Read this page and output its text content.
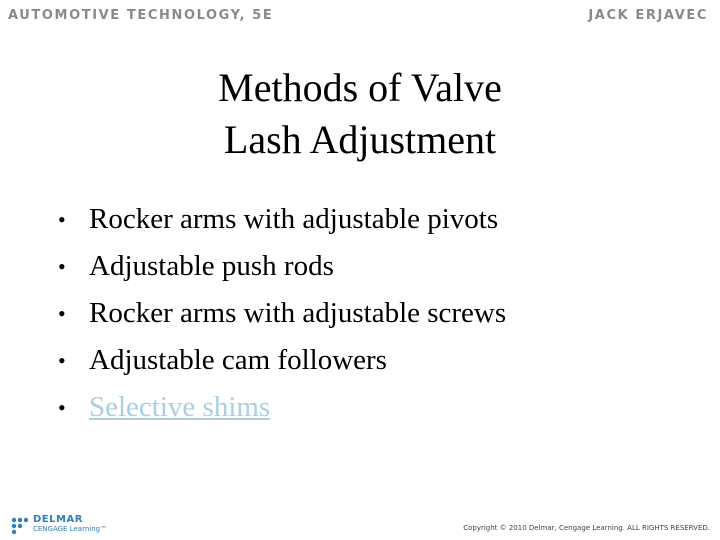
AUTOMOTIVE TECHNOLOGY, 5E	JACK ERJAVEC
Methods of Valve
Lash Adjustment
• Rocker arms with adjustable pivots
• Adjustable push rods
• Rocker arms with adjustable screws
• Adjustable cam followers
• Selective shims
DELMAR
CENGAGE Learning™	Copyright © 2010 Delmar, Cengage Learning. ALL RIGHTS RESERVED.
